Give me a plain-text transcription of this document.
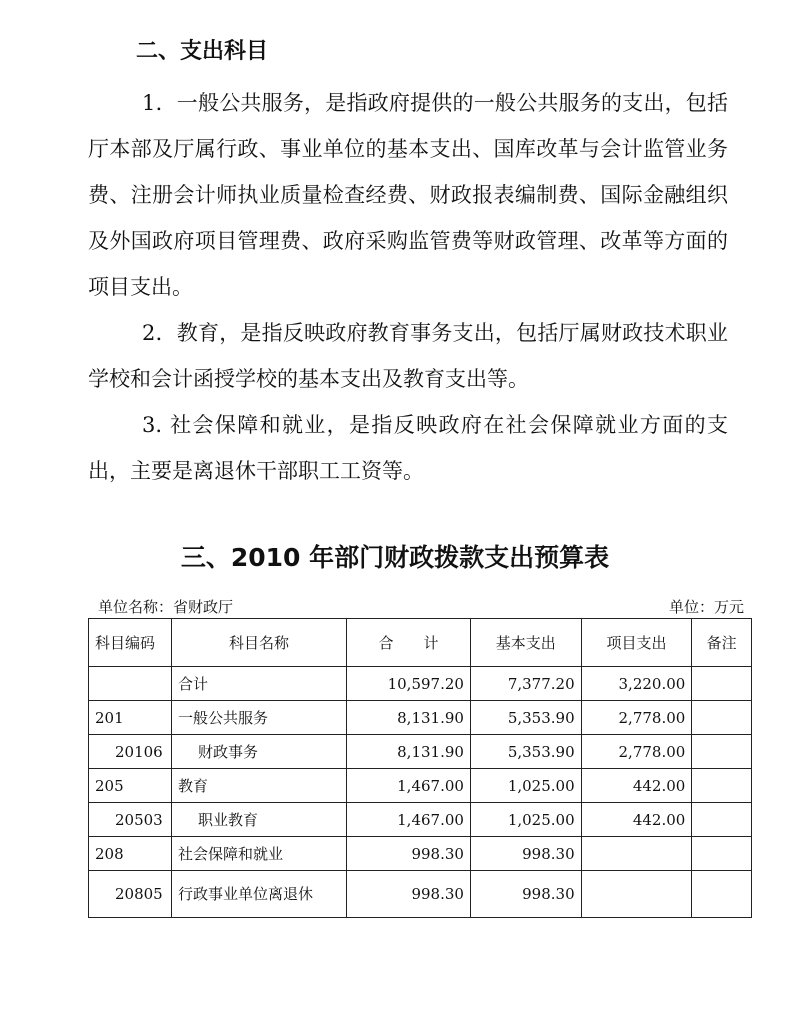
二、支出科目

1．一般公共服务，是指政府提供的一般公共服务的支出，包括厅本部及厅属行政、事业单位的基本支出、国库改革与会计监管业务费、注册会计师执业质量检查经费、财政报表编制费、国际金融组织及外国政府项目管理费、政府采购监管费等财政管理、改革等方面的项目支出。

2．教育，是指反映政府教育事务支出，包括厅属财政技术职业学校和会计函授学校的基本支出及教育支出等。

3. 社会保障和就业，是指反映政府在社会保障就业方面的支出，主要是离退休干部职工工资等。

三、2010 年部门财政拨款支出预算表
单位名称：省财政厅	单位：万元
科目编码	科目名称	合　　计	基本支出	项目支出	备注
	合计	10,597.20	7,377.20	3,220.00	
201	一般公共服务	8,131.90	5,353.90	2,778.00	
20106	财政事务	8,131.90	5,353.90	2,778.00	
205	教育	1,467.00	1,025.00	442.00	
20503	职业教育	1,467.00	1,025.00	442.00	
208	社会保障和就业	998.30	998.30		
20805	行政事业单位离退休	998.30	998.30		
